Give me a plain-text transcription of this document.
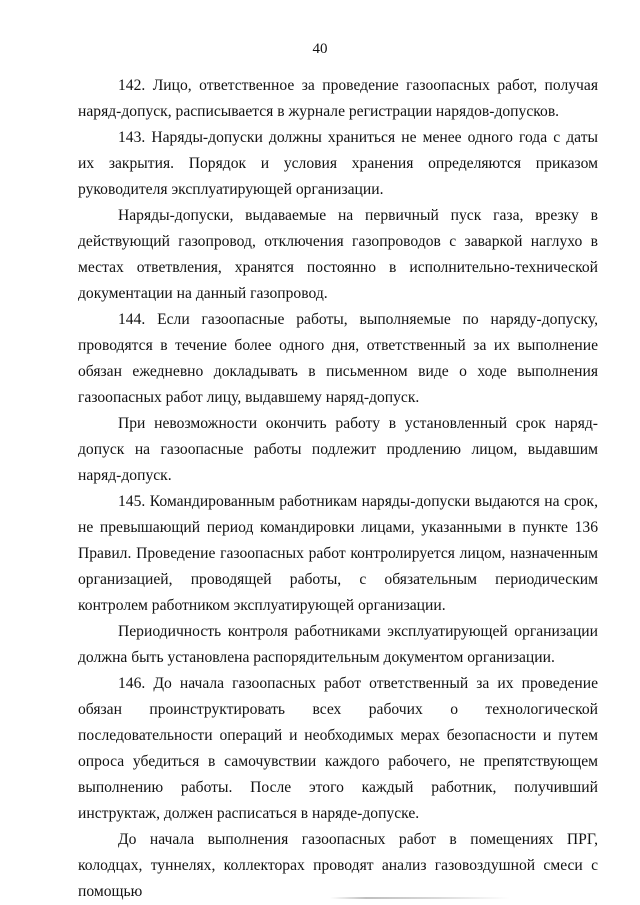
40

142. Лицо, ответственное за проведение газоопасных работ, получая наряд-допуск, расписывается в журнале регистрации нарядов-допусков.

143. Наряды-допуски должны храниться не менее одного года с даты их закрытия. Порядок и условия хранения определяются приказом руководителя эксплуатирующей организации.

Наряды-допуски, выдаваемые на первичный пуск газа, врезку в действующий газопровод, отключения газопроводов с заваркой наглухо в местах ответвления, хранятся постоянно в исполнительно-технической документации на данный газопровод.

144. Если газоопасные работы, выполняемые по наряду-допуску, проводятся в течение более одного дня, ответственный за их выполнение обязан ежедневно докладывать в письменном виде о ходе выполнения газоопасных работ лицу, выдавшему наряд-допуск.

При невозможности окончить работу в установленный срок наряд-допуск на газоопасные работы подлежит продлению лицом, выдавшим наряд-допуск.

145. Командированным работникам наряды-допуски выдаются на срок, не превышающий период командировки лицами, указанными в пункте 136 Правил. Проведение газоопасных работ контролируется лицом, назначенным организацией, проводящей работы, с обязательным периодическим контролем работником эксплуатирующей организации.

Периодичность контроля работниками эксплуатирующей организации должна быть установлена распорядительным документом организации.

146. До начала газоопасных работ ответственный за их проведение обязан проинструктировать всех рабочих о технологической последовательности операций и необходимых мерах безопасности и путем опроса убедиться в самочувствии каждого рабочего, не препятствующем выполнению работы. После этого каждый работник, получивший инструктаж, должен расписаться в наряде-допуске.

До начала выполнения газоопасных работ в помещениях ПРГ, колодцах, туннелях, коллекторах проводят анализ газовоздушной смеси с помощью
